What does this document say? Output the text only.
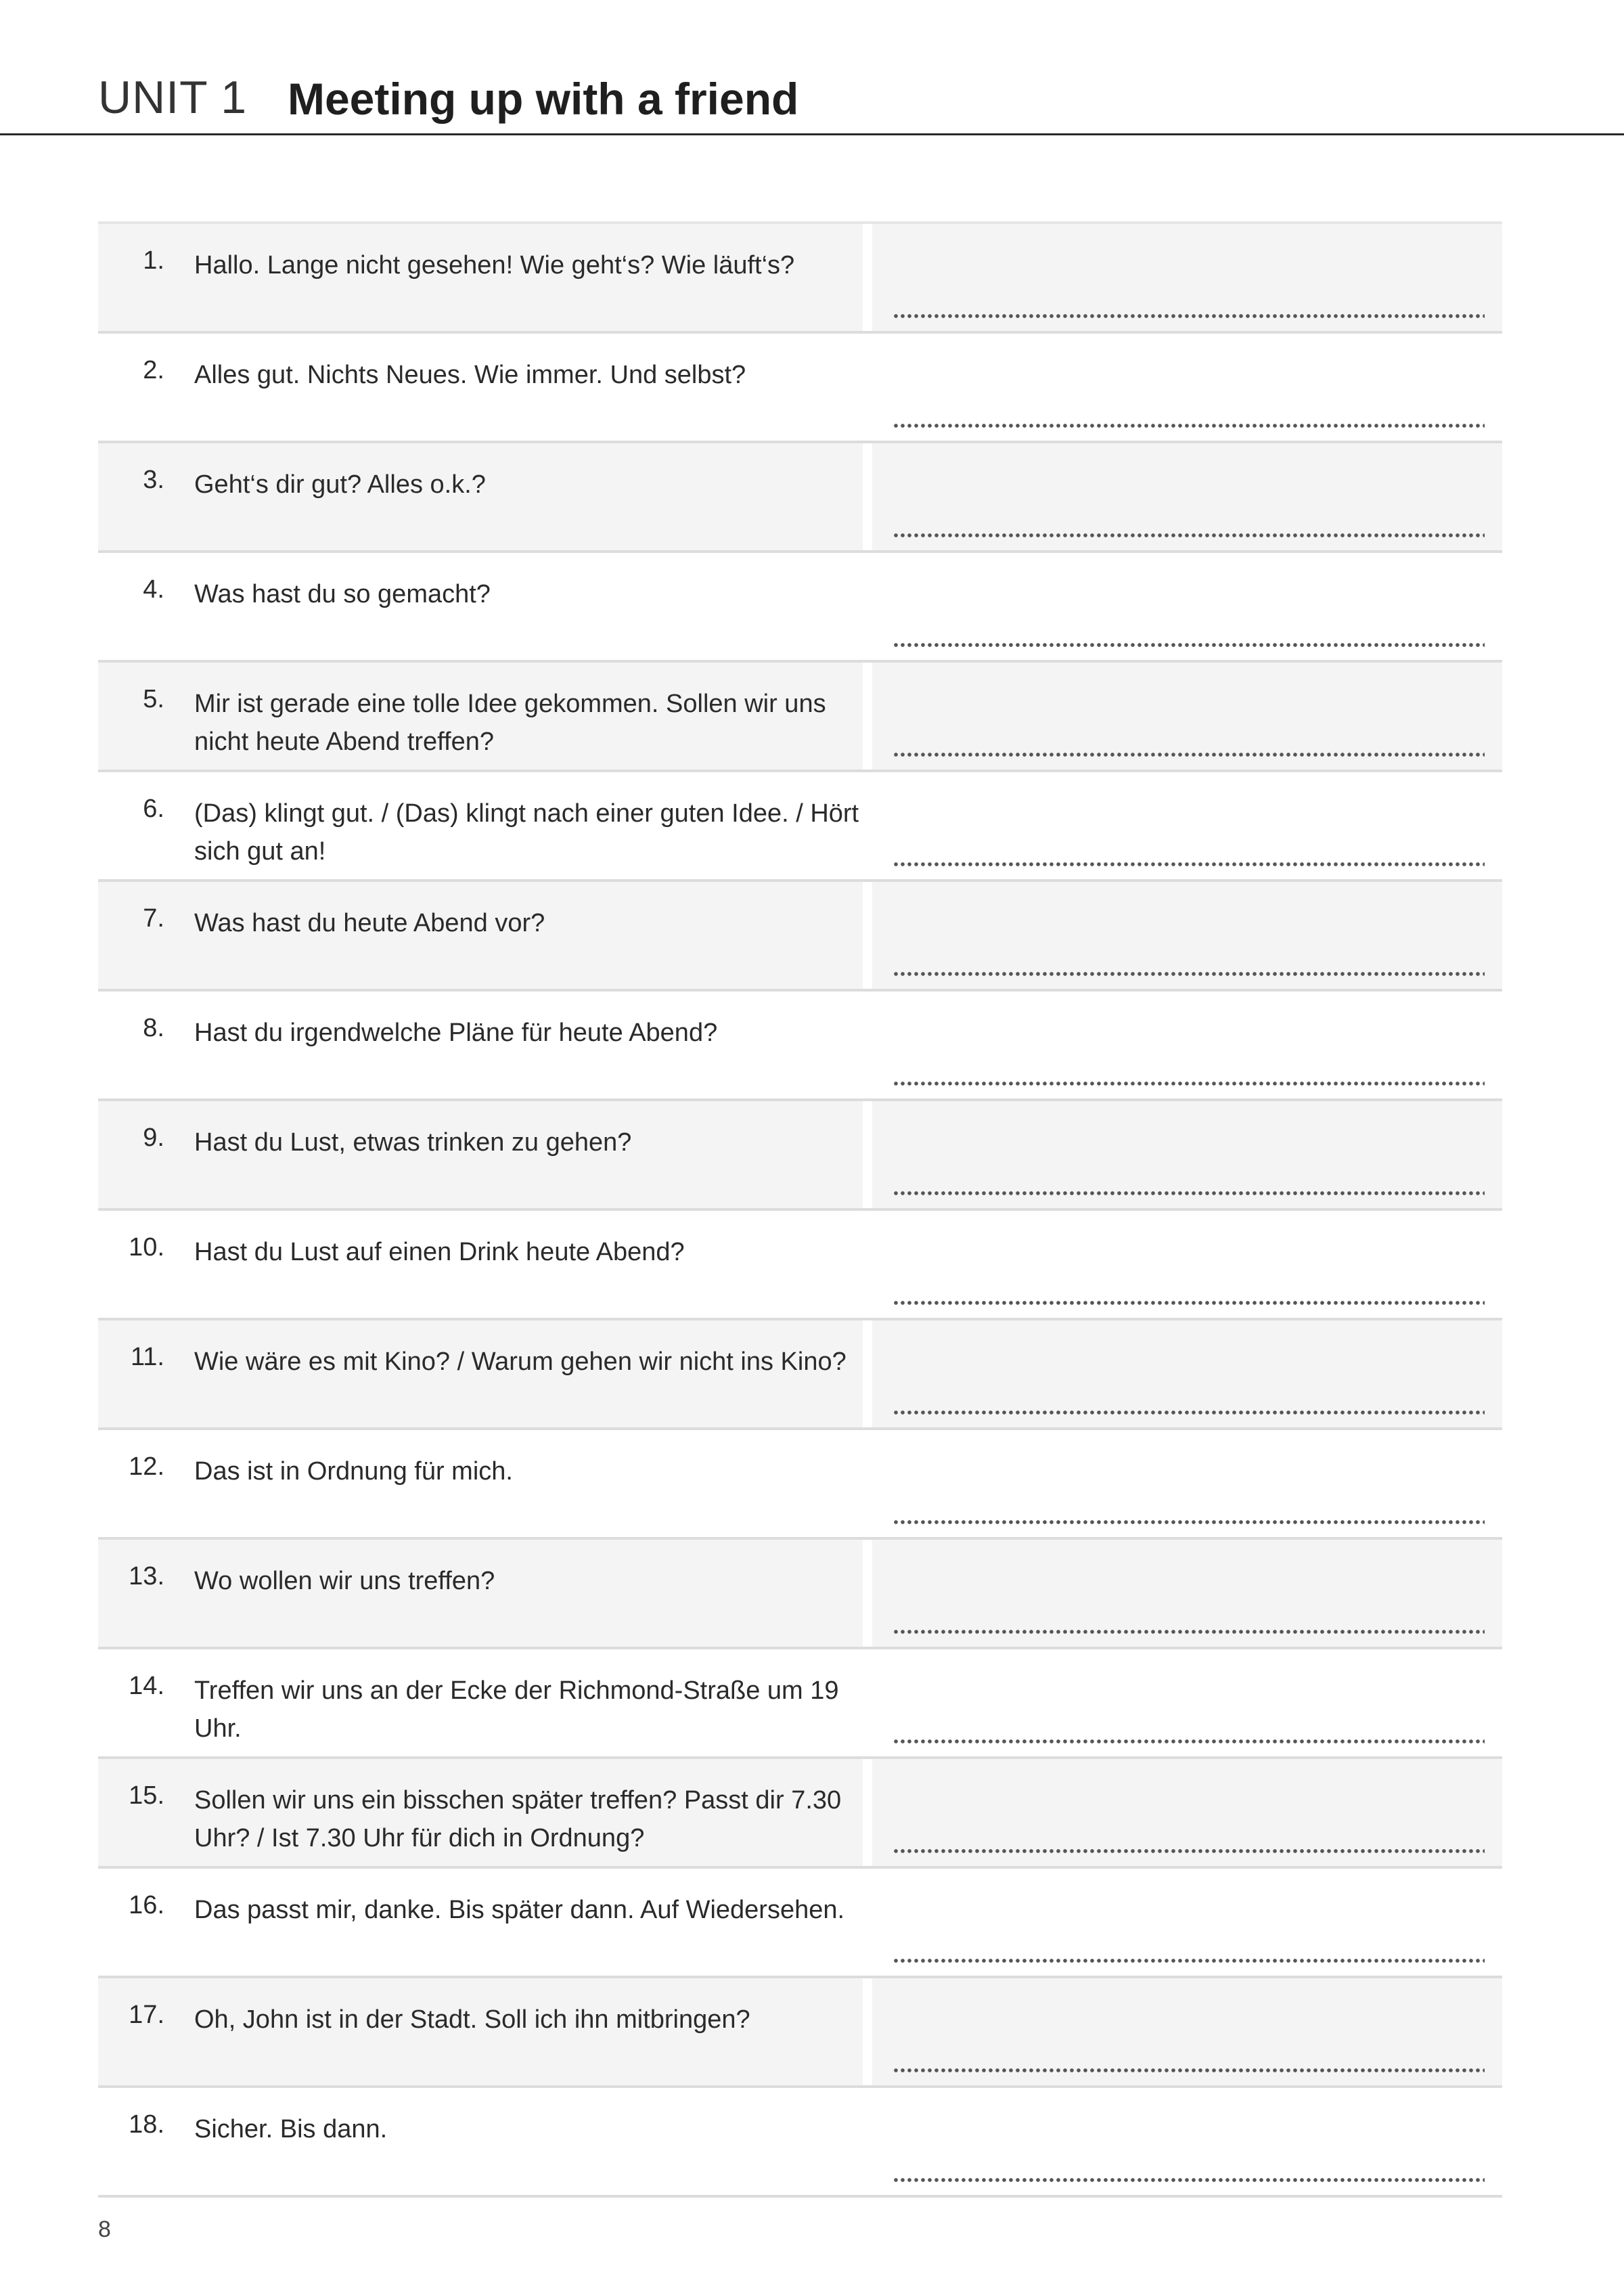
UNIT 1 Meeting up with a friend
1. Hallo. Lange nicht gesehen! Wie geht‘s? Wie läuft‘s?
2. Alles gut. Nichts Neues. Wie immer. Und selbst?
3. Geht‘s dir gut? Alles o.k.?
4. Was hast du so gemacht?
5. Mir ist gerade eine tolle Idee gekommen. Sollen wir uns nicht heute Abend treffen?
6. (Das) klingt gut. / (Das) klingt nach einer guten Idee. / Hört sich gut an!
7. Was hast du heute Abend vor?
8. Hast du irgendwelche Pläne für heute Abend?
9. Hast du Lust, etwas trinken zu gehen?
10. Hast du Lust auf einen Drink heute Abend?
11. Wie wäre es mit Kino? / Warum gehen wir nicht ins Kino?
12. Das ist in Ordnung für mich.
13. Wo wollen wir uns treffen?
14. Treffen wir uns an der Ecke der Richmond-Straße um 19 Uhr.
15. Sollen wir uns ein bisschen später treffen? Passt dir 7.30 Uhr? / Ist 7.30 Uhr für dich in Ordnung?
16. Das passt mir, danke. Bis später dann. Auf Wiedersehen.
17. Oh, John ist in der Stadt. Soll ich ihn mitbringen?
18. Sicher. Bis dann.
8
